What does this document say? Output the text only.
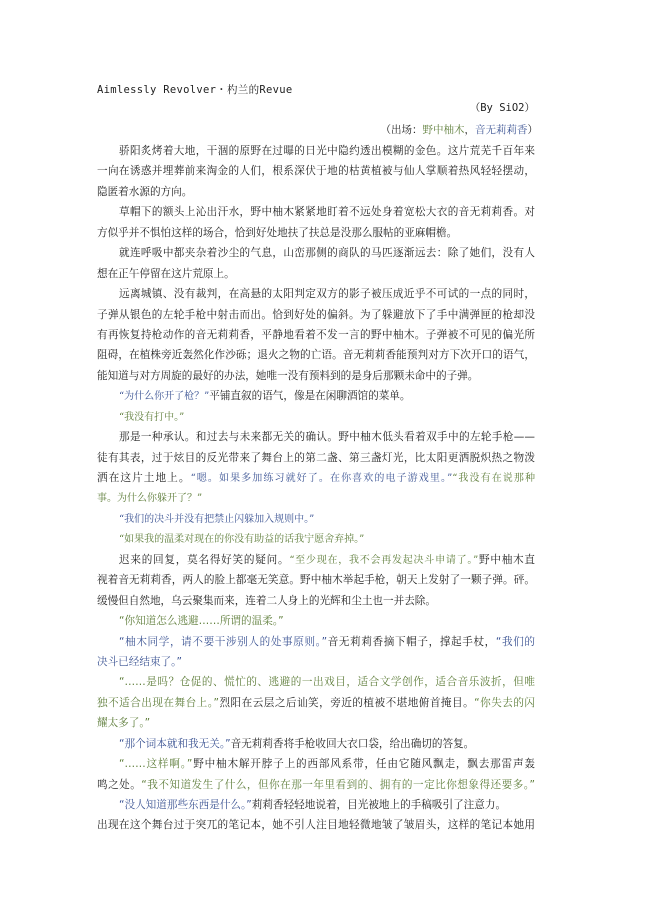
Aimlessly Revolver・杓兰的Revue
（By SiO2）
（出场：野中柚木，音无莉莉香）
骄阳炙烤着大地，干涸的原野在过曝的日光中隐约透出模糊的金色。这片荒芜千百年来
一向在诱惑并埋葬前来淘金的人们，根系深伏于地的枯黄植被与仙人掌顺着热风轻轻摆动，
隐匿着水源的方向。
草帽下的额头上沁出汗水，野中柚木紧紧地盯着不远处身着宽松大衣的音无莉莉香。对
方似乎并不惧怕这样的场合，恰到好处地扶了扶总是没那么服帖的亚麻帽檐。
就连呼吸中都夹杂着沙尘的气息，山峦那侧的商队的马匹逐渐远去：除了她们，没有人
想在正午停留在这片荒原上。
远离城镇、没有裁判，在高悬的太阳判定双方的影子被压成近乎不可试的一点的同时，
子弹从银色的左轮手枪中射击而出。恰到好处的偏斜。为了躲避放下了手中满弹匣的枪却没
有再恢复持枪动作的音无莉莉香，平静地看着不发一言的野中柚木。子弹被不可见的偏光所
阻碍，在植株旁近轰然化作沙砾；退火之物的亡语。音无莉莉香能预判对方下次开口的语气，
能知道与对方周旋的最好的办法，她唯一没有预料到的是身后那颗未命中的子弹。
“为什么你开了枪？”平铺直叙的语气，像是在闲聊酒馆的菜单。
“我没有打中。”
那是一种承认。和过去与未来都无关的确认。野中柚木低头看着双手中的左轮手枪——
徒有其表，过于炫目的反光带来了舞台上的第二盏、第三盏灯光，比太阳更洒脱炽热之物泼
洒在这片土地上。“嗯。如果多加练习就好了。在你喜欢的电子游戏里。”“我没有在说那种
事。为什么你躲开了？”
“我们的决斗并没有把禁止闪躲加入规则中。”
“如果我的温柔对现在的你没有助益的话我宁愿舍弃掉。”
迟来的回复，莫名得好笑的疑问。“至少现在，我不会再发起决斗申请了。”野中柚木直
视着音无莉莉香，两人的脸上都毫无笑意。野中柚木举起手枪，朝天上发射了一颗子弹。砰。
缓慢但自然地，乌云聚集而来，连着二人身上的光辉和尘土也一并去除。
“你知道怎么逃避……所谓的温柔。”
“柚木同学，请不要干涉别人的处事原则。”音无莉莉香摘下帽子，撑起手杖，“我们的
决斗已经结束了。”
“……是吗？仓促的、慌忙的、逃避的一出戏目，适合文学创作，适合音乐波折，但唯
独不适合出现在舞台上。”烈阳在云层之后讪笑，旁近的植被不堪地俯首掩目。“你失去的闪
耀太多了。”
“那个词本就和我无关。”音无莉莉香将手枪收回大衣口袋，给出确切的答复。
“……这样啊。”野中柚木解开脖子上的西部风系带，任由它随风飘走，飘去那雷声轰
鸣之处。“我不知道发生了什么，但你在那一年里看到的、拥有的一定比你想象得还要多。”
“没人知道那些东西是什么。”莉莉香轻轻地说着，目光被地上的手稿吸引了注意力。
出现在这个舞台过于突兀的笔记本，她不引人注目地轻微地皱了皱眉头，这样的笔记本她用
